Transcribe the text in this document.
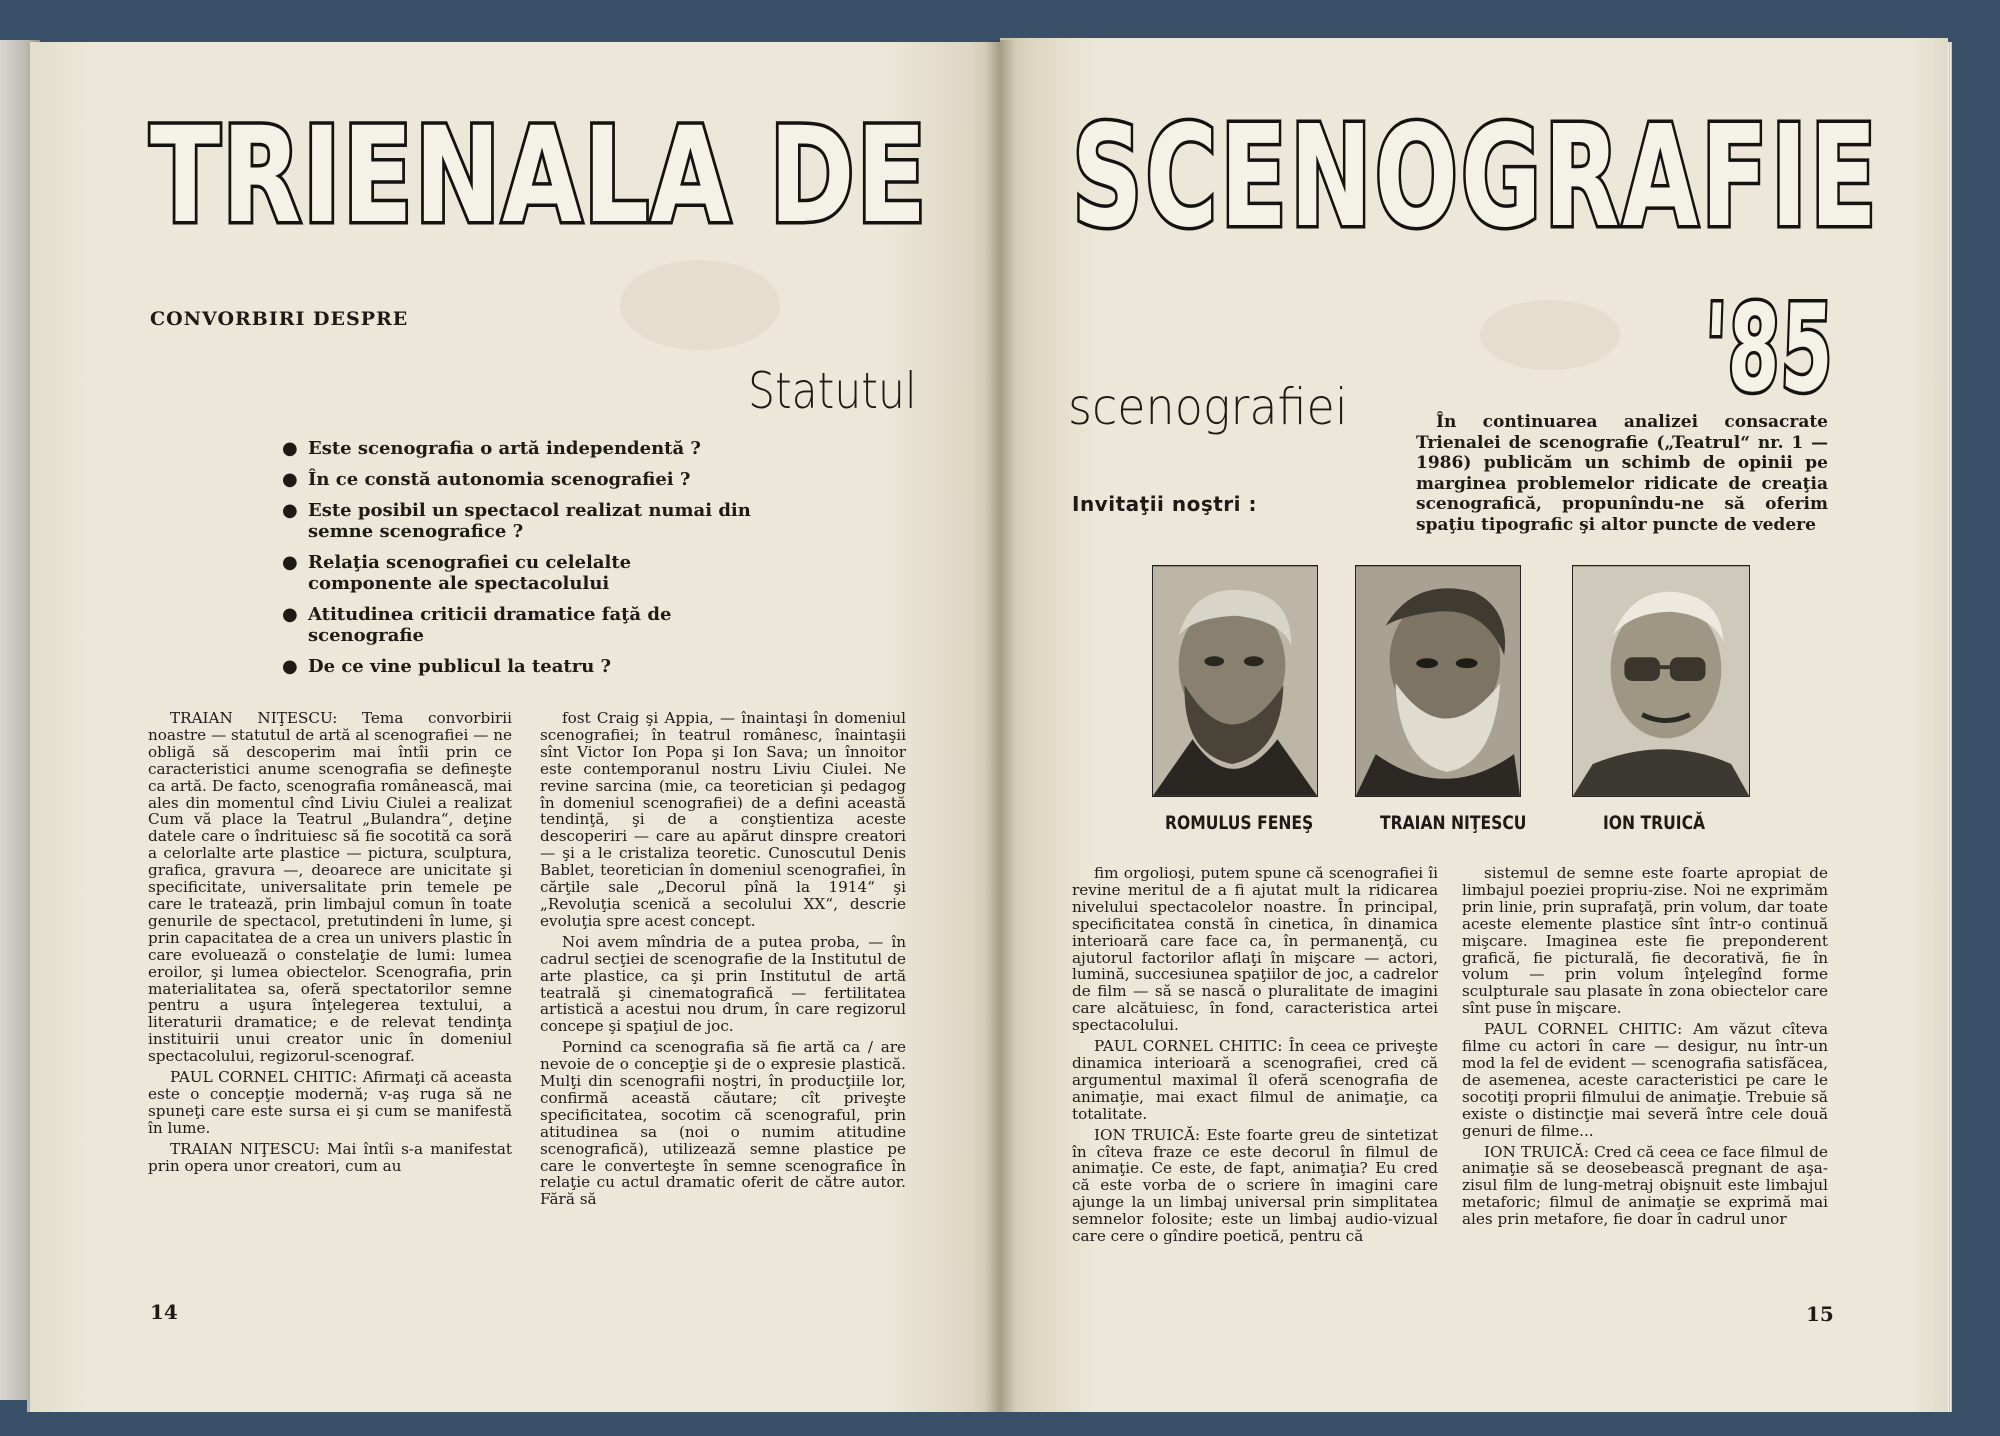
TRIENALA DE
CONVORBIRI DESPRE
Statutul
● Este scenografia o artă independentă ?
● În ce constă autonomia scenografiei ?
● Este posibil un spectacol realizat numai din semne scenografice ?
● Relaţia scenografiei cu celelalte componente ale spectacolului
● Atitudinea criticii dramatice faţă de scenografie
● De ce vine publicul la teatru ?

TRAIAN NIŢESCU: Tema convorbirii noastre — statutul de artă al scenografiei — ne obligă să descoperim mai întîi prin ce caracteristici anume scenografia se defineşte ca artă. De facto, scenografia românească, mai ales din momentul cînd Liviu Ciulei a realizat Cum vă place la Teatrul „Bulandra“, deţine datele care o îndrituiesc să fie socotită ca soră a celorlalte arte plastice — pictura, sculptura, grafica, gravura —, deoarece are unicitate şi specificitate, universalitate prin temele pe care le tratează, prin limbajul comun în toate genurile de spectacol, pretutindeni în lume, şi prin capacitatea de a crea un univers plastic în care evoluează o constelaţie de lumi: lumea eroilor, şi lumea obiectelor. Scenografia, prin materialitatea sa, oferă spectatorilor semne pentru a uşura înţelegerea textului, a literaturii dramatice; e de relevat tendinţa instituirii unui creator unic în domeniul spectacolului, regizorul-scenograf.

PAUL CORNEL CHITIC: Afirmaţi că aceasta este o concepţie modernă; v-aş ruga să ne spuneţi care este sursa ei şi cum se manifestă în lume.

TRAIAN NIŢESCU: Mai întîi s-a manifestat prin opera unor creatori, cum au

fost Craig şi Appia, — înaintaşi în domeniul scenografiei; în teatrul românesc, înaintaşii sînt Victor Ion Popa şi Ion Sava; un înnoitor este contemporanul nostru Liviu Ciulei. Ne revine sarcina (mie, ca teoretician şi pedagog în domeniul scenografiei) de a defini această tendinţă, şi de a conştientiza aceste descoperiri — care au apărut dinspre creatori — şi a le cristaliza teoretic. Cunoscutul Denis Bablet, teoretician în domeniul scenografiei, în cărţile sale „Decorul pînă la 1914“ şi „Revoluţia scenică a secolului XX“, descrie evoluţia spre acest concept.

Noi avem mîndria de a putea proba, — în cadrul secţiei de scenografie de la Institutul de arte plastice, ca şi prin Institutul de artă teatrală şi cinematografică — fertilitatea artistică a acestui nou drum, în care regizorul concepe şi spaţiul de joc.

Pornind ca scenografia să fie artă ca / are nevoie de o concepţie şi de o expresie plastică. Mulţi din scenografii noştri, în producţiile lor, confirmă această căutare; cît priveşte specificitatea, socotim că scenograful, prin atitudinea sa (noi o numim atitudine scenografică), utilizează semne plastice pe care le converteşte în semne scenografice în relaţie cu actul dramatic oferit de către autor. Fără să

14
SCENOGRAFIE
'85
scenografiei
Invitaţii noştri :
În continuarea analizei consacrate Trienalei de scenografie („Teatrul“ nr. 1 — 1986) publicăm un schimb de opinii pe marginea problemelor ridicate de creaţia scenografică, propunîndu-ne să oferim spaţiu tipografic şi altor puncte de vedere
ROMULUS FENEŞ	TRAIAN NIŢESCU	ION TRUICĂ

fim orgolioşi, putem spune că scenografiei îi revine meritul de a fi ajutat mult la ridicarea nivelului spectacolelor noastre. În principal, specificitatea constă în cinetica, în dinamica interioară care face ca, în permanenţă, cu ajutorul factorilor aflaţi în mişcare — actori, lumină, succesiunea spaţiilor de joc, a cadrelor de film — să se nască o pluralitate de imagini care alcătuiesc, în fond, caracteristica artei spectacolului.

PAUL CORNEL CHITIC: În ceea ce priveşte dinamica interioară a scenografiei, cred că argumentul maximal îl oferă scenografia de animaţie, mai exact filmul de animaţie, ca totalitate.

ION TRUICĂ: Este foarte greu de sintetizat în cîteva fraze ce este decorul în filmul de animaţie. Ce este, de fapt, animaţia? Eu cred că este vorba de o scriere în imagini care ajunge la un limbaj universal prin simplitatea semnelor folosite; este un limbaj audio-vizual care cere o gîndire poetică, pentru că

sistemul de semne este foarte apropiat de limbajul poeziei propriu-zise. Noi ne exprimăm prin linie, prin suprafaţă, prin volum, dar toate aceste elemente plastice sînt într-o continuă mişcare. Imaginea este fie preponderent grafică, fie picturală, fie decorativă, fie în volum — prin volum înţelegînd forme sculpturale sau plasate în zona obiectelor care sînt puse în mişcare.

PAUL CORNEL CHITIC: Am văzut cîteva filme cu actori în care — desigur, nu într-un mod la fel de evident — scenografia satisfăcea, de asemenea, aceste caracteristici pe care le socotiţi proprii filmului de animaţie. Trebuie să existe o distincţie mai severă între cele două genuri de filme...

ION TRUICĂ: Cred că ceea ce face filmul de animaţie să se deosebească pregnant de aşa-zisul film de lung-metraj obişnuit este limbajul metaforic; filmul de animaţie se exprimă mai ales prin metafore, fie doar în cadrul unor

15
